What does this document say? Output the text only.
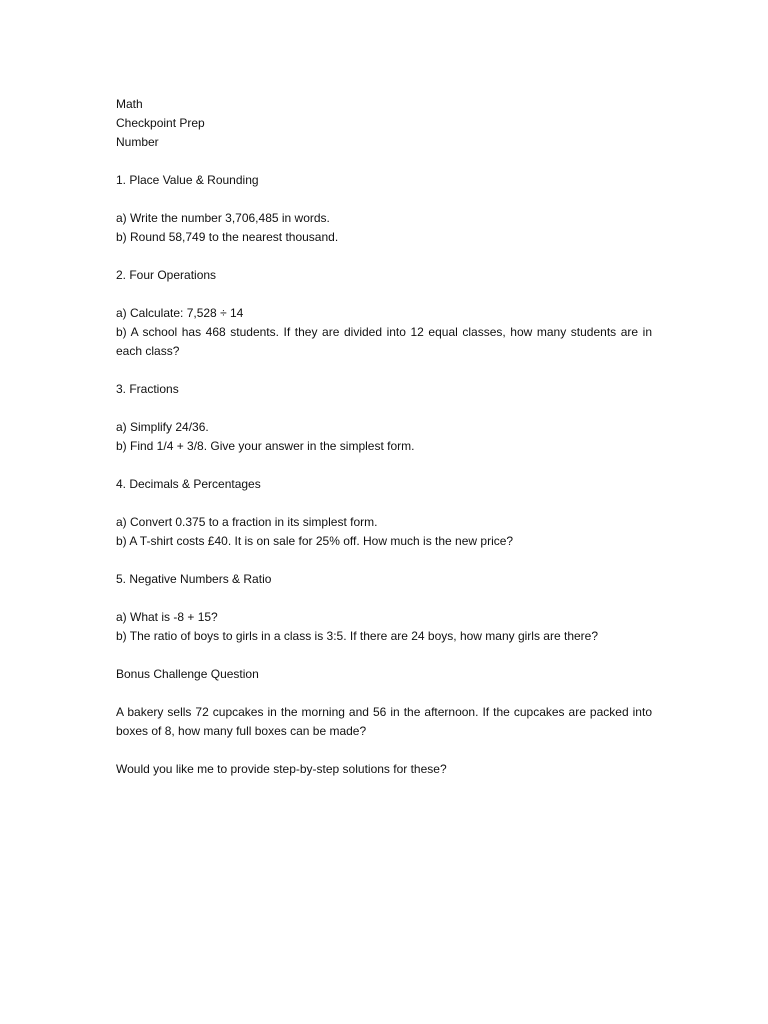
Math

Checkpoint Prep

Number

1. Place Value & Rounding

a) Write the number 3,706,485 in words.

b) Round 58,749 to the nearest thousand.

2. Four Operations

a) Calculate: 7,528 ÷ 14

b) A school has 468 students. If they are divided into 12 equal classes, how many students are in each class?

3. Fractions

a) Simplify 24/36.

b) Find 1/4 + 3/8. Give your answer in the simplest form.

4. Decimals & Percentages

a) Convert 0.375 to a fraction in its simplest form.

b) A T-shirt costs £40. It is on sale for 25% off. How much is the new price?

5. Negative Numbers & Ratio

a) What is -8 + 15?

b) The ratio of boys to girls in a class is 3:5. If there are 24 boys, how many girls are there?

Bonus Challenge Question

A bakery sells 72 cupcakes in the morning and 56 in the afternoon. If the cupcakes are packed into boxes of 8, how many full boxes can be made?

Would you like me to provide step-by-step solutions for these?
